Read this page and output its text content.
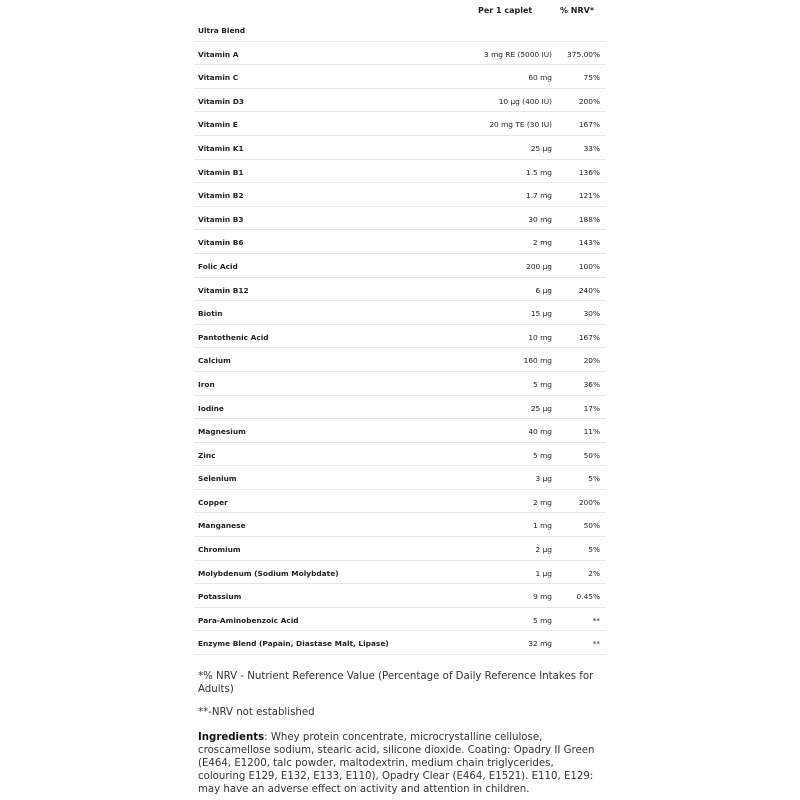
Per 1 caplet	% NRV*
Ultra Blend
Vitamin A	3 mg RE (5000 IU) 375.00%
Vitamin C	60 mg	75%
Vitamin D3	10 µg (400 IU)	200%
Vitamin E	20 mg TE (30 IU)	167%
Vitamin K1	25 µg	33%
Vitamin B1	1.5 mg	136%
Vitamin B2	1.7 mg	121%
Vitamin B3	30 mg	188%
Vitamin B6	2 mg	143%
Folic Acid	200 µg	100%
Vitamin B12	6 µg	240%
Biotin	15 µg	30%
Pantothenic Acid	10 mg	167%
Calcium	160 mg	20%
Iron	5 mg	36%
Iodine	25 µg	17%
Magnesium	40 mg	11%
Zinc	5 mg	50%
Selenium	3 µg	5%
Copper	2 mg	200%
Manganese	1 mg	50%
Chromium	2 µg	5%
Molybdenum (Sodium Molybdate)	1 µg	2%
Potassium	9 mg	0.45%
Para-Aminobenzoic Acid	5 mg	**
Enzyme Blend (Papain, Diastase Malt, Lipase)	32 mg	**
*% NRV - Nutrient Reference Value (Percentage of Daily Reference Intakes for Adults)
**-NRV not established
Ingredients: Whey protein concentrate, microcrystalline cellulose, croscamellose sodium, stearic acid, silicone dioxide. Coating: Opadry II Green (E464, E1200, talc powder, maltodextrin, medium chain triglycerides, colouring E129, E132, E133, E110), Opadry Clear (E464, E1521). E110, E129: may have an adverse effect on activity and attention in children.
